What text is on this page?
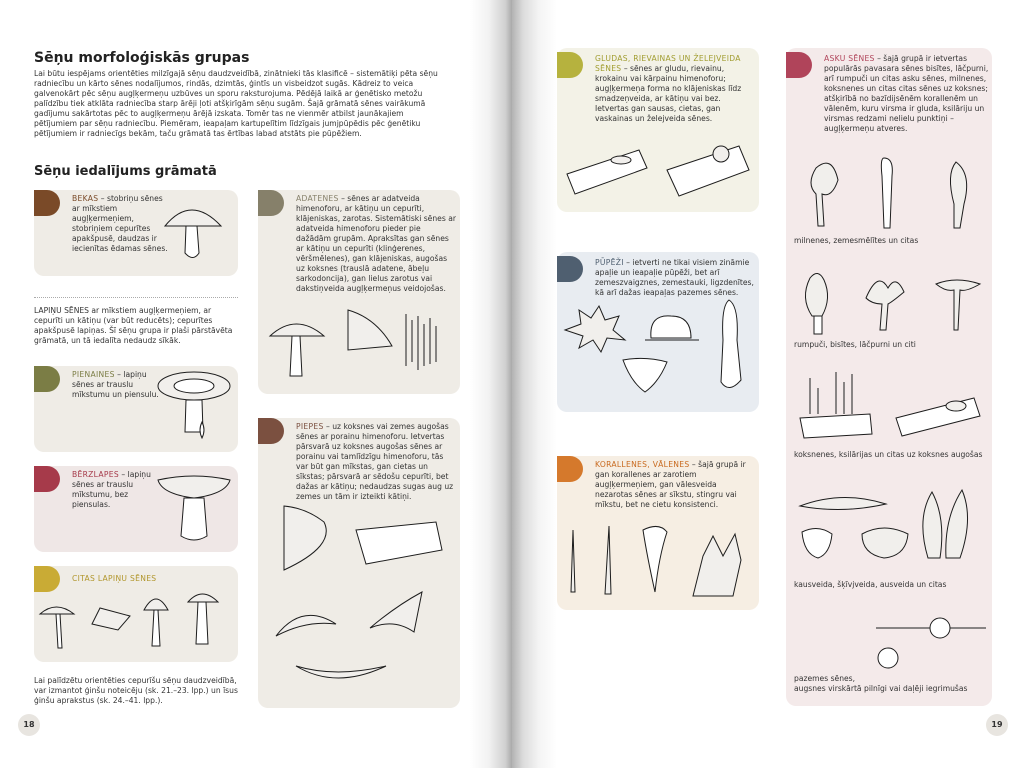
Sēņu morfoloģiskās grupas
Lai būtu iespējams orientēties milzīgajā sēņu daudzveidībā, zinātnieki tās klasificē – sistemātiķi pēta sēņu radniecību un kārto sēnes nodalījumos, rindās, dzimtās, ģintīs un visbeidzot sugās. Kādreiz to veica galvenokārt pēc sēņu augļķermeņu uzbūves un sporu raksturojuma. Pēdējā laikā ar ģenētisko metožu palīdzību tiek atklāta radniecība starp ārēji ļoti atšķirīgām sēņu sugām. Šajā grāmatā sēnes vairākumā gadījumu sakārtotas pēc to augļķermeņu ārējā izskata. Tomēr tas ne vienmēr atbilst jaunākajiem pētījumiem par sēņu radniecību. Piemēram, ieapaļam kartupelītim līdzīgais jumjpūpēdis pēc ģenētiku pētījumiem ir radniecīgs bekām, taču grāmatā tas ērtības labad atstāts pie pūpēžiem.
Sēņu iedalījums grāmatā
BEKAS – stobriņu sēnes ar mīkstiem augļķermeņiem, stobriņiem cepurītes apakšpusē, daudzas ir iecienītas ēdamas sēnes.
LAPIŅU SĒNES ar mīkstiem augļķermeņiem, ar cepurīti un kātiņu (var būt reducēts); cepurītes apakšpusē lapiņas. Šī sēņu grupa ir plaši pārstāvēta grāmatā, un tā iedalīta nedaudz sīkāk.
PIENAINES – lapiņu sēnes ar trauslu mīkstumu un piensulu.
BĒRZLAPES – lapiņu sēnes ar trauslu mīkstumu, bez piensulas.
CITAS LAPIŅU SĒNES
ADATENES – sēnes ar adatveida himenoforu, ar kātiņu un cepurīti, klājeniskas, zarotas. Sistemātiski sēnes ar adatveida himenoforu pieder pie dažādām grupām. Apraksītas gan sēnes ar kātiņu un cepurīti (klinģerenes, vēršmēlenes), gan klājeniskas, augošas uz koksnes (trauslā adatene, ābeļu sarkodoncija), gan lielus zarotus vai dakstiņveida augļķermeņus veidojošas.
PIEPES – uz koksnes vai zemes augošas sēnes ar porainu himenoforu. Ietvertas pārsvarā uz koksnes augošas sēnes ar porainu vai tamlīdzīgu himenoforu, tās var būt gan mīkstas, gan cietas un sīkstas; pārsvarā ar sēdošu cepurīti, bet dažas ar kātiņu; nedaudzas sugas aug uz zemes un tām ir izteikti kātiņi.
Lai palīdzētu orientēties cepurīšu sēņu daudzveidībā, var izmantot ģinšu noteicēju (sk. 21.–23. lpp.) un īsus ģinšu aprakstus (sk. 24.–41. lpp.).
18
GLUDAS, RIEVAINAS UN ŽELEJVEIDA SĒNES – sēnes ar gludu, rievainu, krokainu vai kārpainu himenoforu; augļķermeņa forma no klājeniskas līdz smadzeņveida, ar kātiņu vai bez. Ietvertas gan sausas, cietas, gan vaskainas un želejveida sēnes.
PŪPĒŽI – ietverti ne tikai visiem zināmie apaļie un ieapaļie pūpēži, bet arī zemeszvaigznes, zemestauki, ligzdenītes, kā arī dažas ieapaļas pazemes sēnes.
KORALLENES, VĀLENES – šajā grupā ir gan korallenes ar zarotiem augļķermeņiem, gan vālesveida nezarotas sēnes ar sīkstu, stingru vai mīkstu, bet ne cietu konsistenci.
ASKU SĒNES – šajā grupā ir ietvertas populārās pavasara sēnes bisītes, lāčpurni, arī rumpuči un citas asku sēnes, milnenes, koksnenes un citas citas sēnes uz koksnes; atšķirībā no bazīdijsēnēm korallenēm un vālenēm, kuru virsma ir gluda, ksilāriju un virsmas redzami nelielu punktiņi – augļķermeņu atveres.
milnenes, zemesmēlītes un citas
rumpuči, bisītes, lāčpurni un citi
koksnenes, ksilārijas un citas uz koksnes augošas
kausveida, šķīvjveida, ausveida un citas
pazemes sēnes,
augsnes virskārtā pilnīgi vai daļēji iegrimušas
19
